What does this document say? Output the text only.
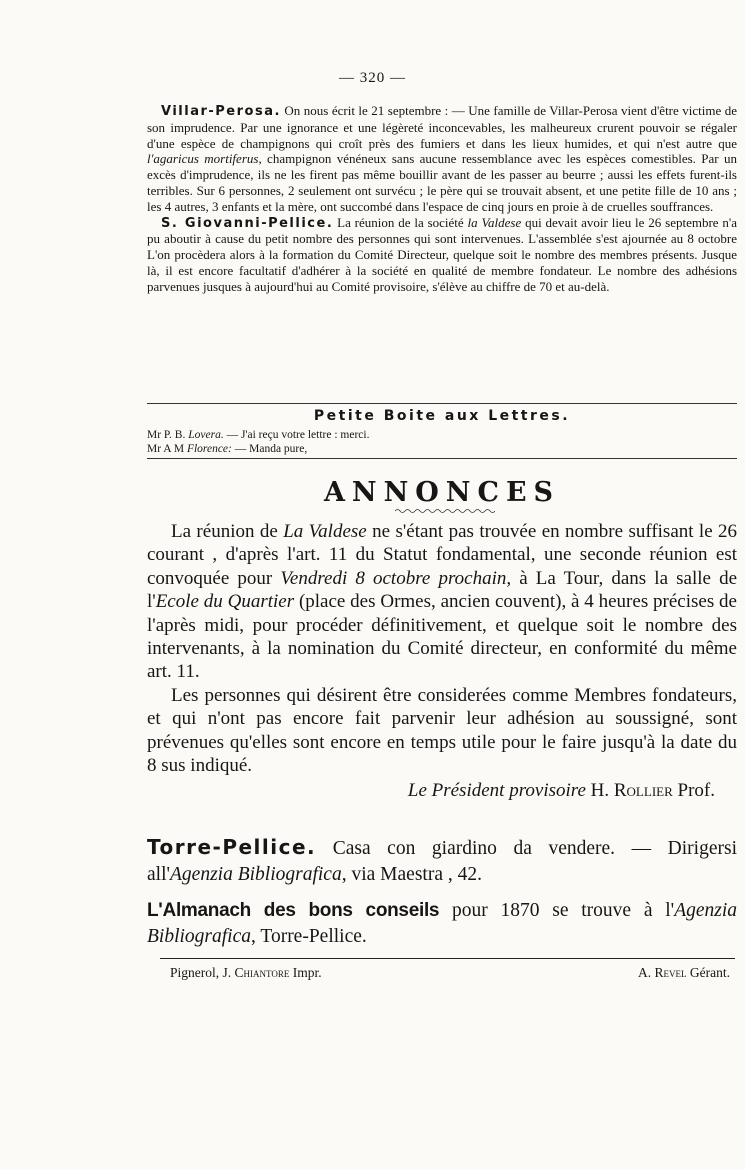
— 320 —

Villar-Perosa. On nous écrit le 21 septembre : — Une famille de Villar-Perosa vient d'être victime de son imprudence. Par une ignorance et une légèreté inconcevables, les malheureux crurent pouvoir se régaler d'une espèce de champignons qui croît près des fumiers et dans les lieux humides, et qui n'est autre que l'agaricus mortiferus, champignon vénéneux sans aucune ressemblance avec les espèces comestibles. Par un excès d'imprudence, ils ne les firent pas même bouillir avant de les passer au beurre ; aussi les effets furent-ils terribles. Sur 6 personnes, 2 seulement ont survécu ; le père qui se trouvait absent, et une petite fille de 10 ans ; les 4 autres, 3 enfants et la mère, ont succombé dans l'espace de cinq jours en proie à de cruelles souffrances.

S. Giovanni-Pellice. La réunion de la société la Valdese qui devait avoir lieu le 26 septembre n'a pu aboutir à cause du petit nombre des personnes qui sont intervenues. L'assemblée s'est ajournée au 8 octobre L'on procèdera alors à la formation du Comité Directeur, quelque soit le nombre des membres présents. Jusque là, il est encore facultatif d'adhérer à la société en qualité de membre fondateur. Le nombre des adhésions parvenues jusques à aujourd'hui au Comité provisoire, s'élève au chiffre de 70 et au-delà.

Petite Boite aux Lettres.
Mr P. B. Lovera. — J'ai reçu votre lettre : merci.
Mr A M Florence: — Manda pure,
ANNONCES

La réunion de La Valdese ne s'étant pas trouvée en nombre suffisant le 26 courant , d'après l'art. 11 du Statut fondamental, une seconde réunion est convoquée pour Vendredi 8 octobre prochain, à La Tour, dans la salle de l'Ecole du Quartier (place des Ormes, ancien couvent), à 4 heures précises de l'après midi, pour procéder définitivement, et quelque soit le nombre des intervenants, à la nomination du Comité directeur, en conformité du même art. 11.

Les personnes qui désirent être considerées comme Membres fondateurs, et qui n'ont pas encore fait parvenir leur adhésion au soussigné, sont prévenues qu'elles sont encore en temps utile pour le faire jusqu'à la date du 8 sus indiqué.

Le Président provisoire H. Rollier Prof.

Torre-Pellice. Casa con giardino da vendere. — Dirigersi all'Agenzia Bibliografica, via Maestra , 42.

L'Almanach des bons conseils pour 1870 se trouve à l'Agenzia Bibliografica, Torre-Pellice.

Pignerol, J. Chiantore Impr.	A. Revel Gérant.
